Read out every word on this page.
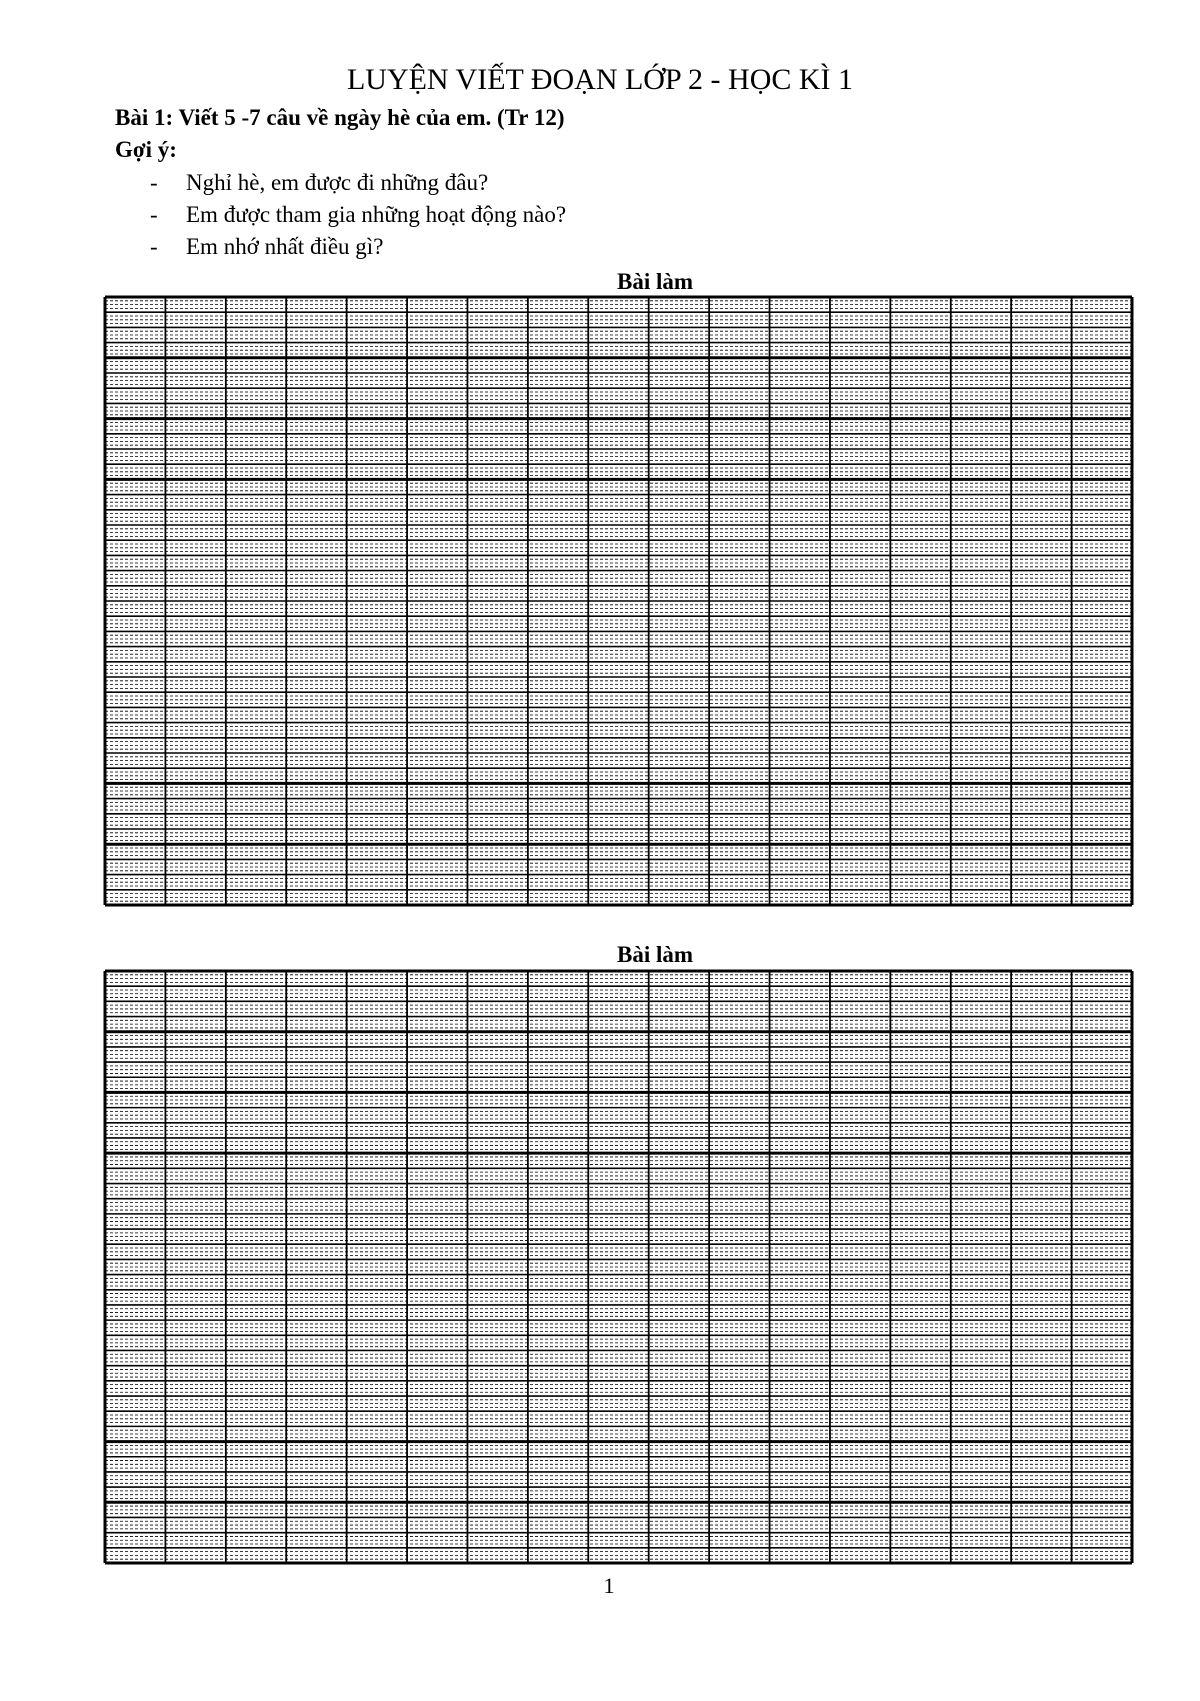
LUYỆN VIẾT ĐOẠN LỚP 2 - HỌC KÌ 1
Bài 1: Viết 5 -7 câu về ngày hè của em. (Tr 12)
Gợi ý:
- Nghỉ hè, em được đi những đâu?
- Em được tham gia những hoạt động nào?
- Em nhớ nhất điều gì?
Bài làm
Bài làm
1
